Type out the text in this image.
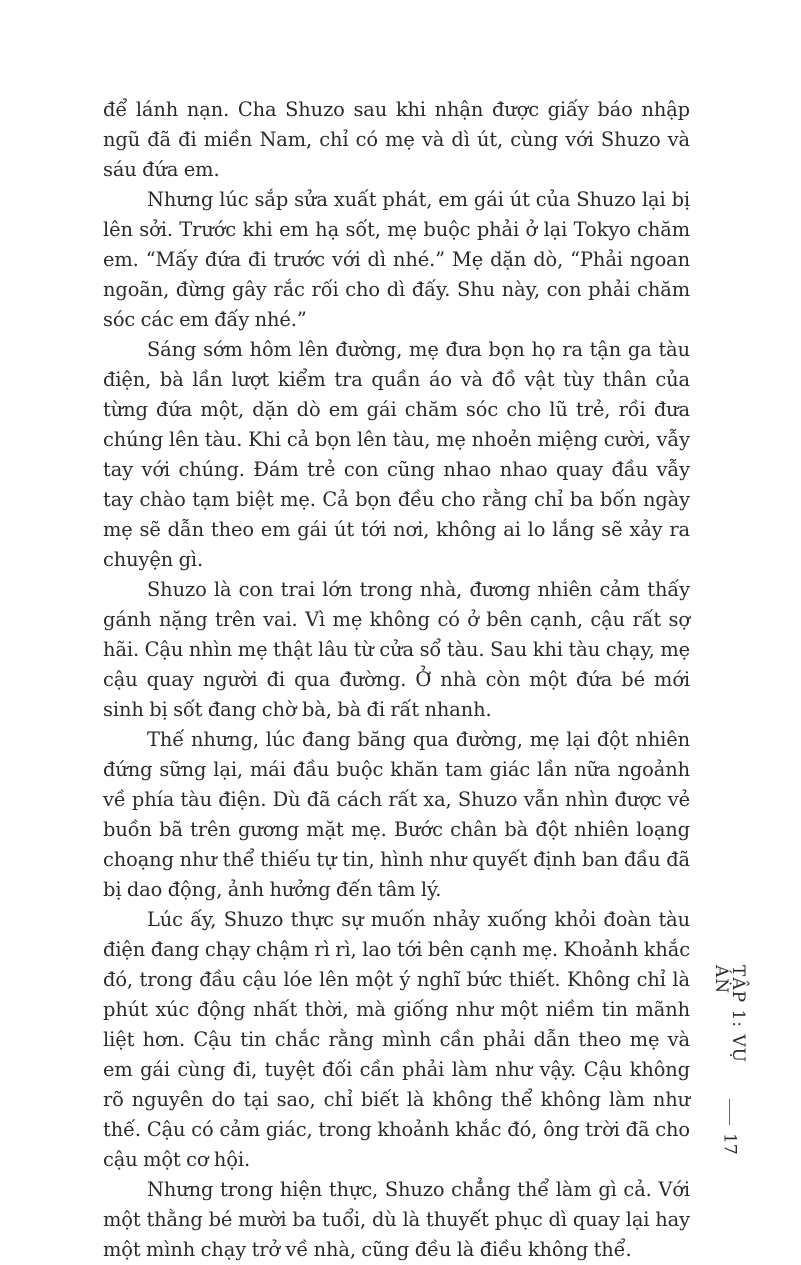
để lánh nạn. Cha Shuzo sau khi nhận được giấy báo nhập ngũ đã đi miền Nam, chỉ có mẹ và dì út, cùng với Shuzo và sáu đứa em.

Nhưng lúc sắp sửa xuất phát, em gái út của Shuzo lại bị lên sởi. Trước khi em hạ sốt, mẹ buộc phải ở lại Tokyo chăm em. “Mấy đứa đi trước với dì nhé.” Mẹ dặn dò, “Phải ngoan ngoãn, đừng gây rắc rối cho dì đấy. Shu này, con phải chăm sóc các em đấy nhé.”

Sáng sớm hôm lên đường, mẹ đưa bọn họ ra tận ga tàu điện, bà lần lượt kiểm tra quần áo và đồ vật tùy thân của từng đứa một, dặn dò em gái chăm sóc cho lũ trẻ, rồi đưa chúng lên tàu. Khi cả bọn lên tàu, mẹ nhoẻn miệng cười, vẫy tay với chúng. Đám trẻ con cũng nhao nhao quay đầu vẫy tay chào tạm biệt mẹ. Cả bọn đều cho rằng chỉ ba bốn ngày mẹ sẽ dẫn theo em gái út tới nơi, không ai lo lắng sẽ xảy ra chuyện gì.

Shuzo là con trai lớn trong nhà, đương nhiên cảm thấy gánh nặng trên vai. Vì mẹ không có ở bên cạnh, cậu rất sợ hãi. Cậu nhìn mẹ thật lâu từ cửa sổ tàu. Sau khi tàu chạy, mẹ cậu quay người đi qua đường. Ở nhà còn một đứa bé mới sinh bị sốt đang chờ bà, bà đi rất nhanh.

Thế nhưng, lúc đang băng qua đường, mẹ lại đột nhiên đứng sững lại, mái đầu buộc khăn tam giác lần nữa ngoảnh về phía tàu điện. Dù đã cách rất xa, Shuzo vẫn nhìn được vẻ buồn bã trên gương mặt mẹ. Bước chân bà đột nhiên loạng choạng như thể thiếu tự tin, hình như quyết định ban đầu đã bị dao động, ảnh hưởng đến tâm lý.

Lúc ấy, Shuzo thực sự muốn nhảy xuống khỏi đoàn tàu điện đang chạy chậm rì rì, lao tới bên cạnh mẹ. Khoảnh khắc đó, trong đầu cậu lóe lên một ý nghĩ bức thiết. Không chỉ là phút xúc động nhất thời, mà giống như một niềm tin mãnh liệt hơn. Cậu tin chắc rằng mình cần phải dẫn theo mẹ và em gái cùng đi, tuyệt đối cần phải làm như vậy. Cậu không rõ nguyên do tại sao, chỉ biết là không thể không làm như thế. Cậu có cảm giác, trong khoảnh khắc đó, ông trời đã cho cậu một cơ hội.

Nhưng trong hiện thực, Shuzo chẳng thể làm gì cả. Với một thằng bé mười ba tuổi, dù là thuyết phục dì quay lại hay một mình chạy trở về nhà, cũng đều là điều không thể.

TẬP 1: VỤ ÁN
17
